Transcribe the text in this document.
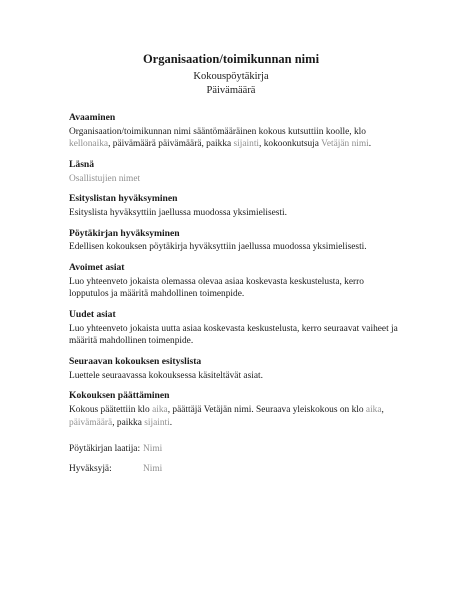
Organisaation/toimikunnan nimi
Kokouspöytäkirja
Päivämäärä
Avaaminen
Organisaation/toimikunnan nimi sääntömääräinen kokous kutsuttiin koolle, klo kellonaika, päivämäärä päivämäärä, paikka sijainti, kokoonkutsuja Vetäjän nimi.
Läsnä
Osallistujien nimet
Esityslistan hyväksyminen
Esityslista hyväksyttiin jaellussa muodossa yksimielisesti.
Pöytäkirjan hyväksyminen
Edellisen kokouksen pöytäkirja hyväksyttiin jaellussa muodossa yksimielisesti.
Avoimet asiat
Luo yhteenveto jokaista olemassa olevaa asiaa koskevasta keskustelusta, kerro lopputulos ja määritä mahdollinen toimenpide.
Uudet asiat
Luo yhteenveto jokaista uutta asiaa koskevasta keskustelusta, kerro seuraavat vaiheet ja määritä mahdollinen toimenpide.
Seuraavan kokouksen esityslista
Luettele seuraavassa kokouksessa käsiteltävät asiat.
Kokouksen päättäminen
Kokous päätettiin klo aika, päättäjä Vetäjän nimi. Seuraava yleiskokous on klo aika, päivämäärä, paikka sijainti.
Pöytäkirjan laatija: Nimi
Hyväksyjä:	Nimi
